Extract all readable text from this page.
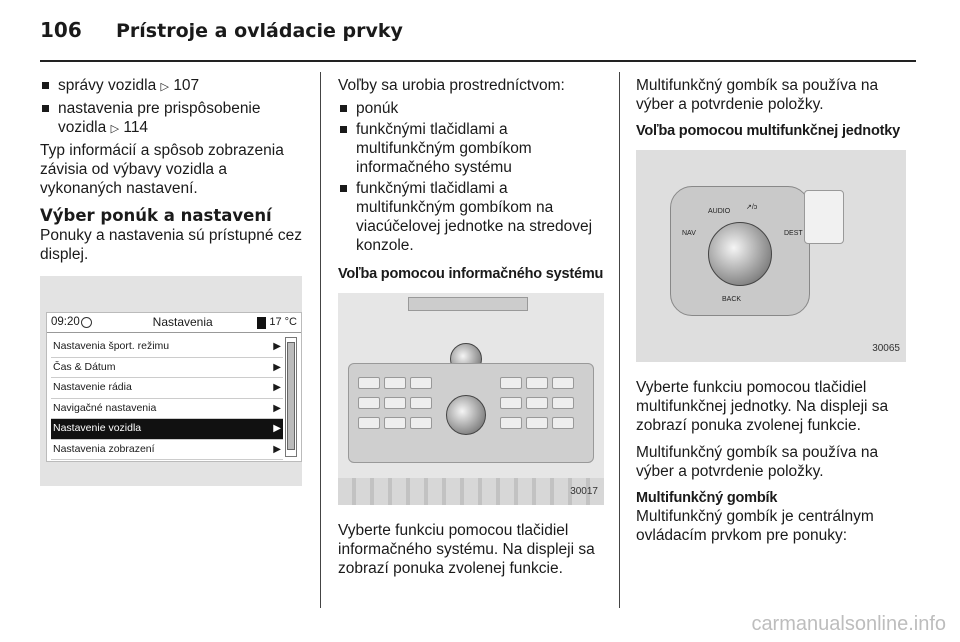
106	Prístroje a ovládacie prvky
správy vozidla ▷ 107
nastavenia pre prispôsobenie vozidla ▷ 114

Typ informácií a spôsob zobrazenia závisia od výbavy vozidla a vykonaných nastavení.

Výber ponúk a nastavení

Ponuky a nastavenia sú prístupné cez displej.

09:20	Nastavenia	17 °C
Nastavenia šport. režimu	▶
Čas & Dátum	▶
Nastavenie rádia	▶
Navigačné nastavenia	▶
Nastavenie vozidla	▶
Nastavenia zobrazení	▶

Voľby sa urobia prostredníctvom:

ponúk
funkčnými tlačidlami a multifunkčným gombíkom informačného systému
funkčnými tlačidlami a multifunkčným gombíkom na viacúčelovej jednotke na stredovej konzole.
Voľba pomocou informačného systému
30017

Vyberte funkciu pomocou tlačidiel informačného systému. Na displeji sa zobrazí ponuka zvolenej funkcie.

Multifunkčný gombík sa používa na výber a potvrdenie položky.

Voľba pomocou multifunkčnej jednotky
AUDIO
↗/ↄ
NAV	DEST
BACK
30065

Vyberte funkciu pomocou tlačidiel multifunkčnej jednotky. Na displeji sa zobrazí ponuka zvolenej funkcie.

Multifunkčný gombík sa používa na výber a potvrdenie položky.

Multifunkčný gombík

Multifunkčný gombík je centrálnym ovládacím prvkom pre ponuky:

carmanualsonline.info
